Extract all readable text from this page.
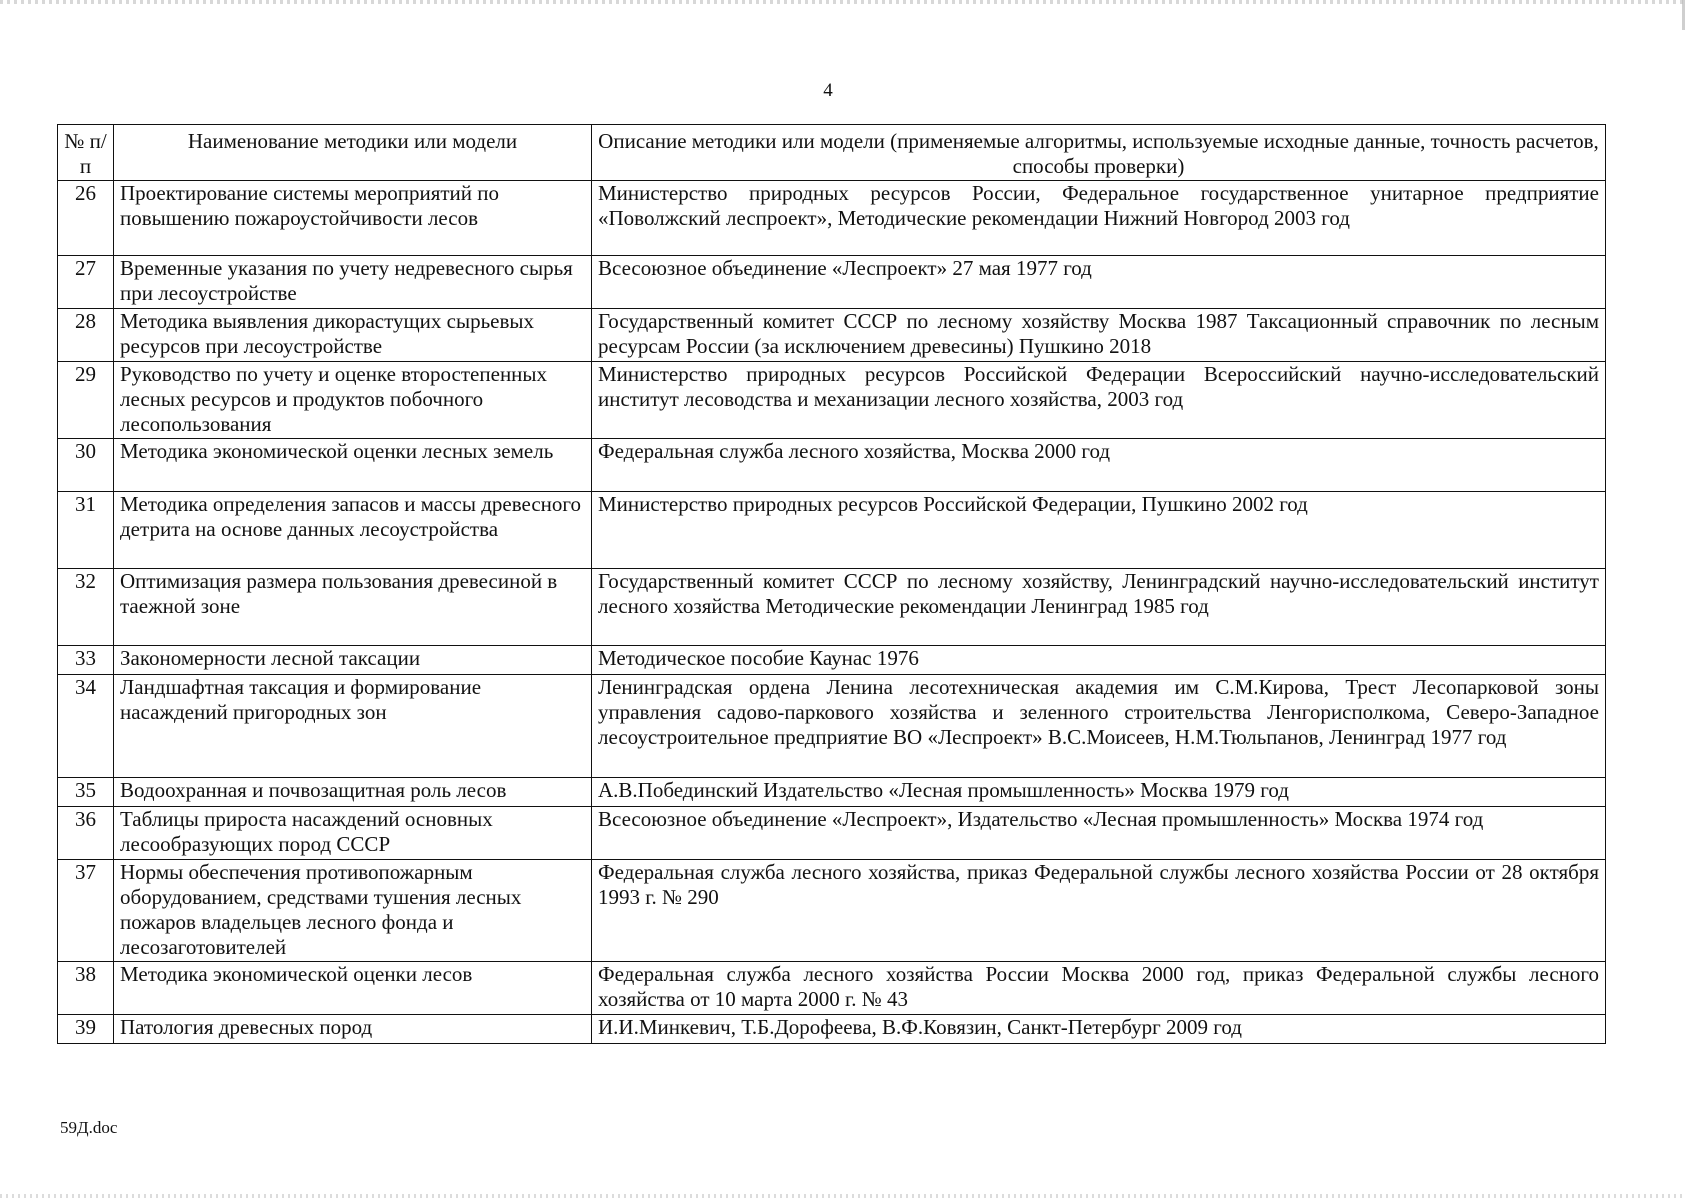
4
№ п/п	Наименование методики или модели	Описание методики или модели (применяемые алгоритмы, используемые исходные данные, точность расчетов, способы проверки)
26	Проектирование системы мероприятий по повышению пожароустойчивости лесов	Министерство природных ресурсов России, Федеральное государственное унитарное предприятие «Поволжский леспроект», Методические рекомендации Нижний Новгород 2003 год
27	Временные указания по учету недревесного сырья при лесоустройстве	Всесоюзное объединение «Леспроект» 27 мая 1977 год
28	Методика выявления дикорастущих сырьевых ресурсов при лесоустройстве	Государственный комитет СССР по лесному хозяйству Москва 1987 Таксационный справочник по лесным ресурсам России (за исключением древесины) Пушкино 2018
29	Руководство по учету и оценке второстепенных лесных ресурсов и продуктов побочного лесопользования	Министерство природных ресурсов Российской Федерации Всероссийский научно-исследовательский институт лесоводства и механизации лесного хозяйства, 2003 год
30	Методика экономической оценки лесных земель	Федеральная служба лесного хозяйства, Москва 2000 год
31	Методика определения запасов и массы древесного детрита на основе данных лесоустройства	Министерство природных ресурсов Российской Федерации, Пушкино 2002 год
32	Оптимизация размера пользования древесиной в таежной зоне	Государственный комитет СССР по лесному хозяйству, Ленинградский научно-исследовательский институт лесного хозяйства Методические рекомендации Ленинград 1985 год
33	Закономерности лесной таксации	Методическое пособие Каунас 1976
34	Ландшафтная таксация и формирование насаждений пригородных зон	Ленинградская ордена Ленина лесотехническая академия им С.М.Кирова, Трест Лесопарковой зоны управления садово-паркового хозяйства и зеленного строительства Ленгорисполкома, Северо-Западное лесоустроительное предприятие ВО «Леспроект» В.С.Моисеев, Н.М.Тюльпанов, Ленинград 1977 год
35	Водоохранная и почвозащитная роль лесов	А.В.Побединский Издательство «Лесная промышленность» Москва 1979 год
36	Таблицы прироста насаждений основных лесообразующих пород СССР	Всесоюзное объединение «Леспроект», Издательство «Лесная промышленность» Москва 1974 год
37	Нормы обеспечения противопожарным оборудованием, средствами тушения лесных пожаров владельцев лесного фонда и лесозаготовителей	Федеральная служба лесного хозяйства, приказ Федеральной службы лесного хозяйства России от 28 октября 1993 г. № 290
38	Методика экономической оценки лесов	Федеральная служба лесного хозяйства России Москва 2000 год, приказ Федеральной службы лесного хозяйства от 10 марта 2000 г. № 43
39	Патология древесных пород	И.И.Минкевич, Т.Б.Дорофеева, В.Ф.Ковязин, Санкт-Петербург 2009 год
59Д.doc
